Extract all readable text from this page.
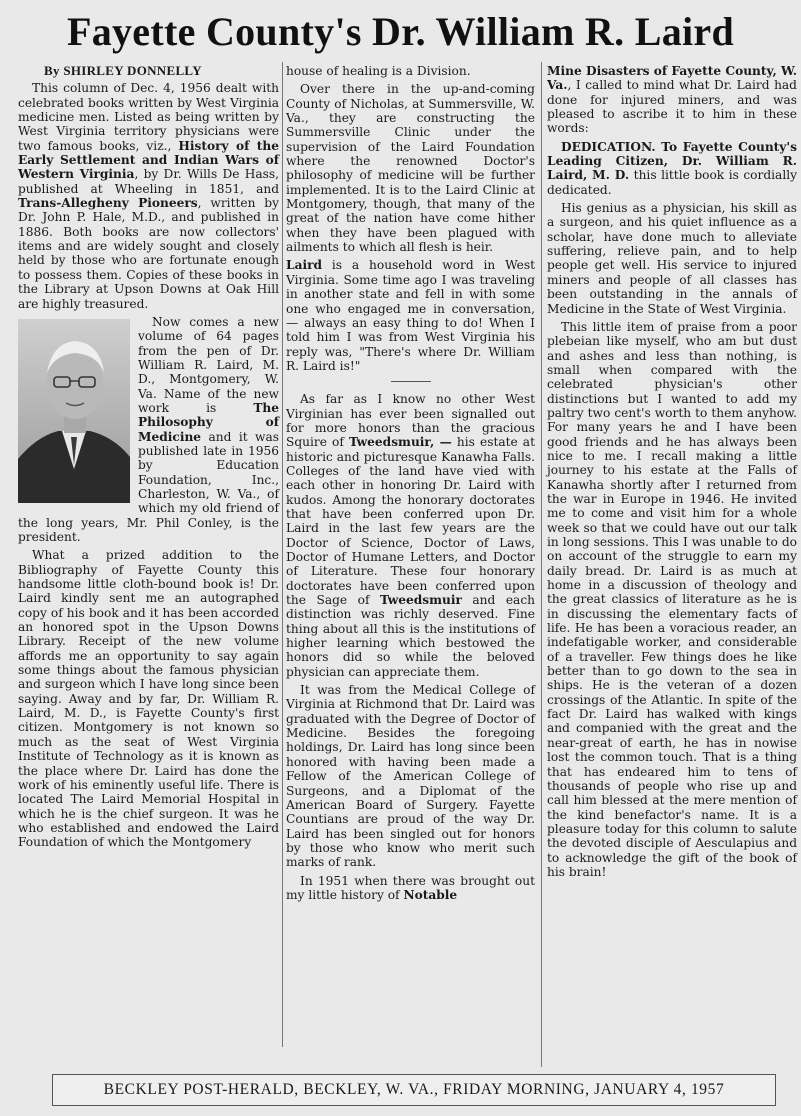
Fayette County's Dr. William R. Laird
By SHIRLEY DONNELLY

This column of Dec. 4, 1956 dealt with celebrated books written by West Virginia medicine men. Listed as being written by West Virginia territory physicians were two famous books, viz., History of the Early Settlement and Indian Wars of Western Virginia, by Dr. Wills De Hass, published at Wheeling in 1851, and Trans-Allegheny Pioneers, written by Dr. John P. Hale, M.D., and published in 1886. Both books are now collectors' items and are widely sought and closely held by those who are fortunate enough to possess them. Copies of these books in the Library at Upson Downs at Oak Hill are highly treasured.

Now comes a new volume of 64 pages from the pen of Dr. William R. Laird, M. D., Montgomery, W. Va. Name of the new work is The Philosophy of Medicine and it was published late in 1956 by Education Foundation, Inc., Charleston, W. Va., of which my old friend of the long years, Mr. Phil Conley, is the president.

What a prized addition to the Bibliography of Fayette County this handsome little cloth-bound book is! Dr. Laird kindly sent me an autographed copy of his book and it has been accorded an honored spot in the Upson Downs Library. Receipt of the new volume affords me an opportunity to say again some things about the famous physician and surgeon which I have long since been saying. Away and by far, Dr. William R. Laird, M. D., is Fayette County's first citizen. Montgomery is not known so much as the seat of West Virginia Institute of Technology as it is known as the place where Dr. Laird has done the work of his eminently useful life. There is located The Laird Memorial Hospital in which he is the chief surgeon. It was he who established and endowed the Laird Foundation of which the Montgomery

house of healing is a Division.

Over there in the up-and-coming County of Nicholas, at Summersville, W. Va., they are constructing the Summersville Clinic under the supervision of the Laird Foundation where the renowned Doctor's philosophy of medicine will be further implemented. It is to the Laird Clinic at Montgomery, though, that many of the great of the nation have come hither when they have been plagued with ailments to which all flesh is heir.

Laird is a household word in West Virginia. Some time ago I was traveling in another state and fell in with some one who engaged me in conversation, — always an easy thing to do! When I told him I was from West Virginia his reply was, "There's where Dr. William R. Laird is!"

As far as I know no other West Virginian has ever been signalled out for more honors than the gracious Squire of Tweedsmuir, — his estate at historic and picturesque Kanawha Falls. Colleges of the land have vied with each other in honoring Dr. Laird with kudos. Among the honorary doctorates that have been conferred upon Dr. Laird in the last few years are the Doctor of Science, Doctor of Laws, Doctor of Humane Letters, and Doctor of Literature. These four honorary doctorates have been conferred upon the Sage of Tweedsmuir and each distinction was richly deserved. Fine thing about all this is the institutions of higher learning which bestowed the honors did so while the beloved physician can appreciate them.

It was from the Medical College of Virginia at Richmond that Dr. Laird was graduated with the Degree of Doctor of Medicine. Besides the foregoing holdings, Dr. Laird has long since been honored with having been made a Fellow of the American College of Surgeons, and a Diplomat of the American Board of Surgery. Fayette Countians are proud of the way Dr. Laird has been singled out for honors by those who know who merit such marks of rank.

In 1951 when there was brought out my little history of Notable

Mine Disasters of Fayette County, W. Va., I called to mind what Dr. Laird had done for injured miners, and was pleased to ascribe it to him in these words:

DEDICATION. To Fayette County's Leading Citizen, Dr. William R. Laird, M. D. this little book is cordially dedicated.

His genius as a physician, his skill as a surgeon, and his quiet influence as a scholar, have done much to alleviate suffering, relieve pain, and to help people get well. His service to injured miners and people of all classes has been outstanding in the annals of Medicine in the State of West Virginia.

This little item of praise from a poor plebeian like myself, who am but dust and ashes and less than nothing, is small when compared with the celebrated physician's other distinctions but I wanted to add my paltry two cent's worth to them anyhow. For many years he and I have been good friends and he has always been nice to me. I recall making a little journey to his estate at the Falls of Kanawha shortly after I returned from the war in Europe in 1946. He invited me to come and visit him for a whole week so that we could have out our talk in long sessions. This I was unable to do on account of the struggle to earn my daily bread. Dr. Laird is as much at home in a discussion of theology and the great classics of literature as he is in discussing the elementary facts of life. He has been a voracious reader, an indefatigable worker, and considerable of a traveller. Few things does he like better than to go down to the sea in ships. He is the veteran of a dozen crossings of the Atlantic. In spite of the fact Dr. Laird has walked with kings and companied with the great and the near-great of earth, he has in nowise lost the common touch. That is a thing that has endeared him to tens of thousands of people who rise up and call him blessed at the mere mention of the kind benefactor's name. It is a pleasure today for this column to salute the devoted disciple of Aesculapius and to acknowledge the gift of the book of his brain!

BECKLEY POST-HERALD, BECKLEY, W. VA., FRIDAY MORNING, JANUARY 4, 1957
